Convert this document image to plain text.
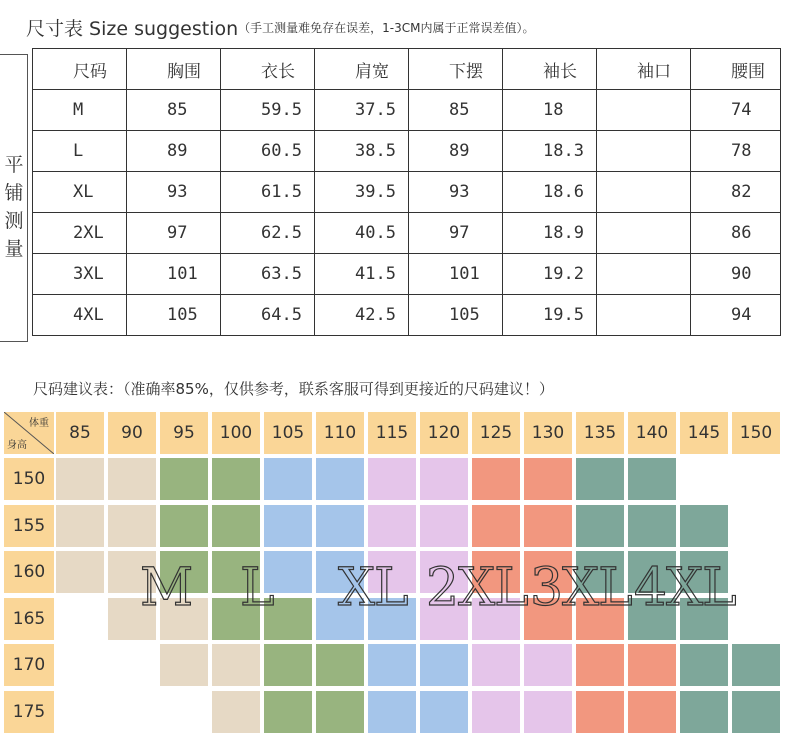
尺寸表 Size suggestion（手工测量难免存在误差，1-3CM内属于正常误差值）。
平
铺
测
量
尺码	胸围	衣长	肩宽	下摆	袖长	袖口	腰围
M	85	59.5	37.5	85	18		74
L	89	60.5	38.5	89	18.3		78
XL	93	61.5	39.5	93	18.6		82
2XL	97	62.5	40.5	97	18.9		86
3XL	101	63.5	41.5	101	19.2		90
4XL	105	64.5	42.5	105	19.5		94
尺码建议表：（准确率85%，仅供参考，联系客服可得到更接近的尺码建议！）
体重
身高
85	90	95	100	105	110	115	120	125	130	135	140	145	150
150
155
160
165
170
175
M L XL 2XL 3XL 4XL
